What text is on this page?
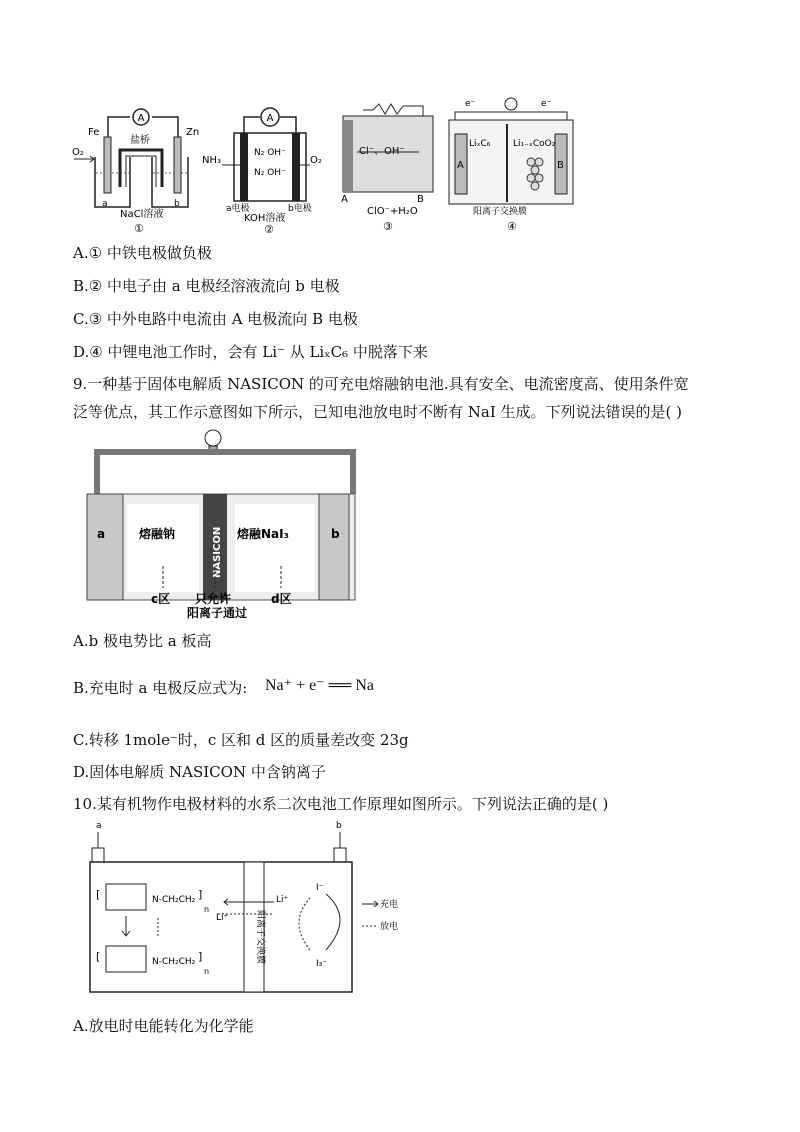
A
Fe	Zn
盐桥
O₂
a	b
NaCl溶液
①
A
N₂ OH⁻
N₂ OH⁻
NH₃	O₂
a电极	b电极
KOH溶液
②
Cl⁻、OH⁻
A	B
ClO⁻+H₂O
③
e⁻	e⁻
LiₓC₆	Li₁₋ₓCoO₂
A	B
阳离子交换膜
④
A.① 中铁电极做负极
B.② 中电子由 a 电极经溶液流向 b 电极
C.③ 中外电路中电流由 A 电极流向 B 电极
D.④ 中锂电池工作时，会有 Li⁻ 从 LiₓC₆ 中脱落下来
9.一种基于固体电解质 NASICON 的可充电熔融钠电池.具有安全、电流密度高、使用条件宽
泛等优点，其工作示意图如下所示，已知电池放电时不断有 NaI 生成。下列说法错误的是( )
a	b
熔融钠	熔融NaI₃
NASICON
c区 只允许
阳离子通过
d区
A.b 极电势比 a 板高
B.充电时 a 电极反应式为: Na⁺ + e⁻ ══ Na
C.转移 1mole⁻时，c 区和 d 区的质量差改变 23g
D.固体电解质 NASICON 中含钠离子
10.某有机物作电极材料的水系二次电池工作原理如图所示。下列说法正确的是( )
a	b
阳离子交换膜
[	N-CH₂CH₂ ]
n
[	N-CH₂CH₂ ]
n
Li⁺
Li⁺
I⁻
I₃⁻
充电
放电
A.放电时电能转化为化学能
